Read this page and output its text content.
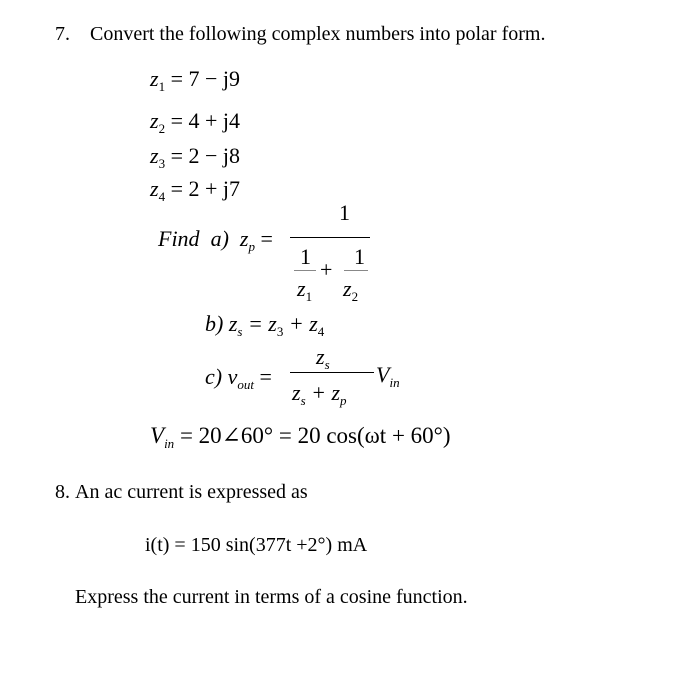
7. Convert the following complex numbers into polar form.
$z_1 = 7 - j9$
$z_2 = 4 + j4$
$z_3 = 2 - j8$
$z_4 = 2 + j7$
Find a) $z_p$ =
1
1
+
1
$z_1$ $z_2$
b) $z_s = z_3 + z_4$
c) $v_{out}$ =
$z_s$
$z_s + z_p$
$V_{in}$
$V_{in}$ = 20∠60° = 20 cos(ωt + 60°)
8. An ac current is expressed as
i(t) = 150 sin(377t +2°) mA
Express the current in terms of a cosine function.
